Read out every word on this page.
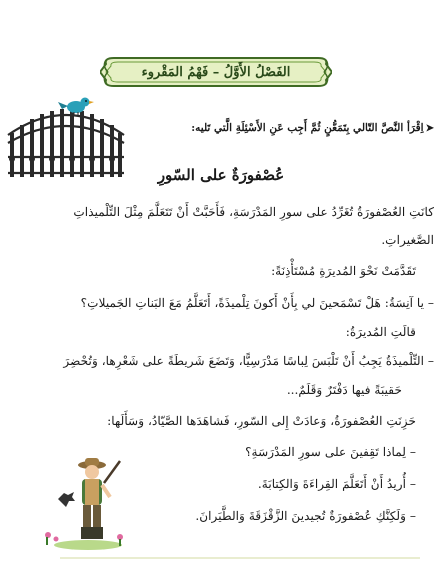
الفَصْلُ الأَوَّلُ – فَهْمُ المَقْروء
➤اِقْرَأ النَّصَّ التّالي بِتَمَعُّنٍ ثُمَّ أَجِب عَنِ الأَسْئِلَةِ الَّتي تَليه:
عُصْفورَةٌ على السّورِ
كانَتِ العُصْفورَةُ تُغَرِّدُ على سورِ المَدْرَسَةِ، فَأَحَبَّتْ أَنْ تَتَعَلَّمَ مِثْلَ التِّلْميذاتِ
الصَّغيراتِ.
تَقَدَّمَتْ نَحْوَ المُديرَةِ مُسْتَأْذِنَةً:
– يا آنِسَةُ: هَلْ تَسْمَحينَ لي بِأَنْ أَكونَ تِلْميذَةً، أَتَعَلَّمُ مَعَ البَناتِ الجَميلاتِ؟
قالَتِ المُديرَةُ:
– التِّلْميذَةُ يَجِبُ أَنْ تَلْبَسَ لِباسًا مَدْرَسِيًّا، وَتَضَعَ شَريطَةً على شَعْرِها، وَتُحْضِرَ
حَقيبَةً فيها دَفْتَرٌ وَقَلَمٌ...
حَزِنَتِ العُصْفورَةُ، وَعادَتْ إِلى السّورِ، فَشاهَدَها الصَّيّادُ، وَسَأَلَها:
– لِماذا تَقِفينَ على سورِ المَدْرَسَةِ؟
– أُريدُ أَنْ أَتَعَلَّمَ القِراءَةَ وَالكِتابَةَ.
– وَلَكِنَّكِ عُصْفورَةٌ تُجيدينَ الزَّقْزَقَةَ وَالطَّيَرانَ.
